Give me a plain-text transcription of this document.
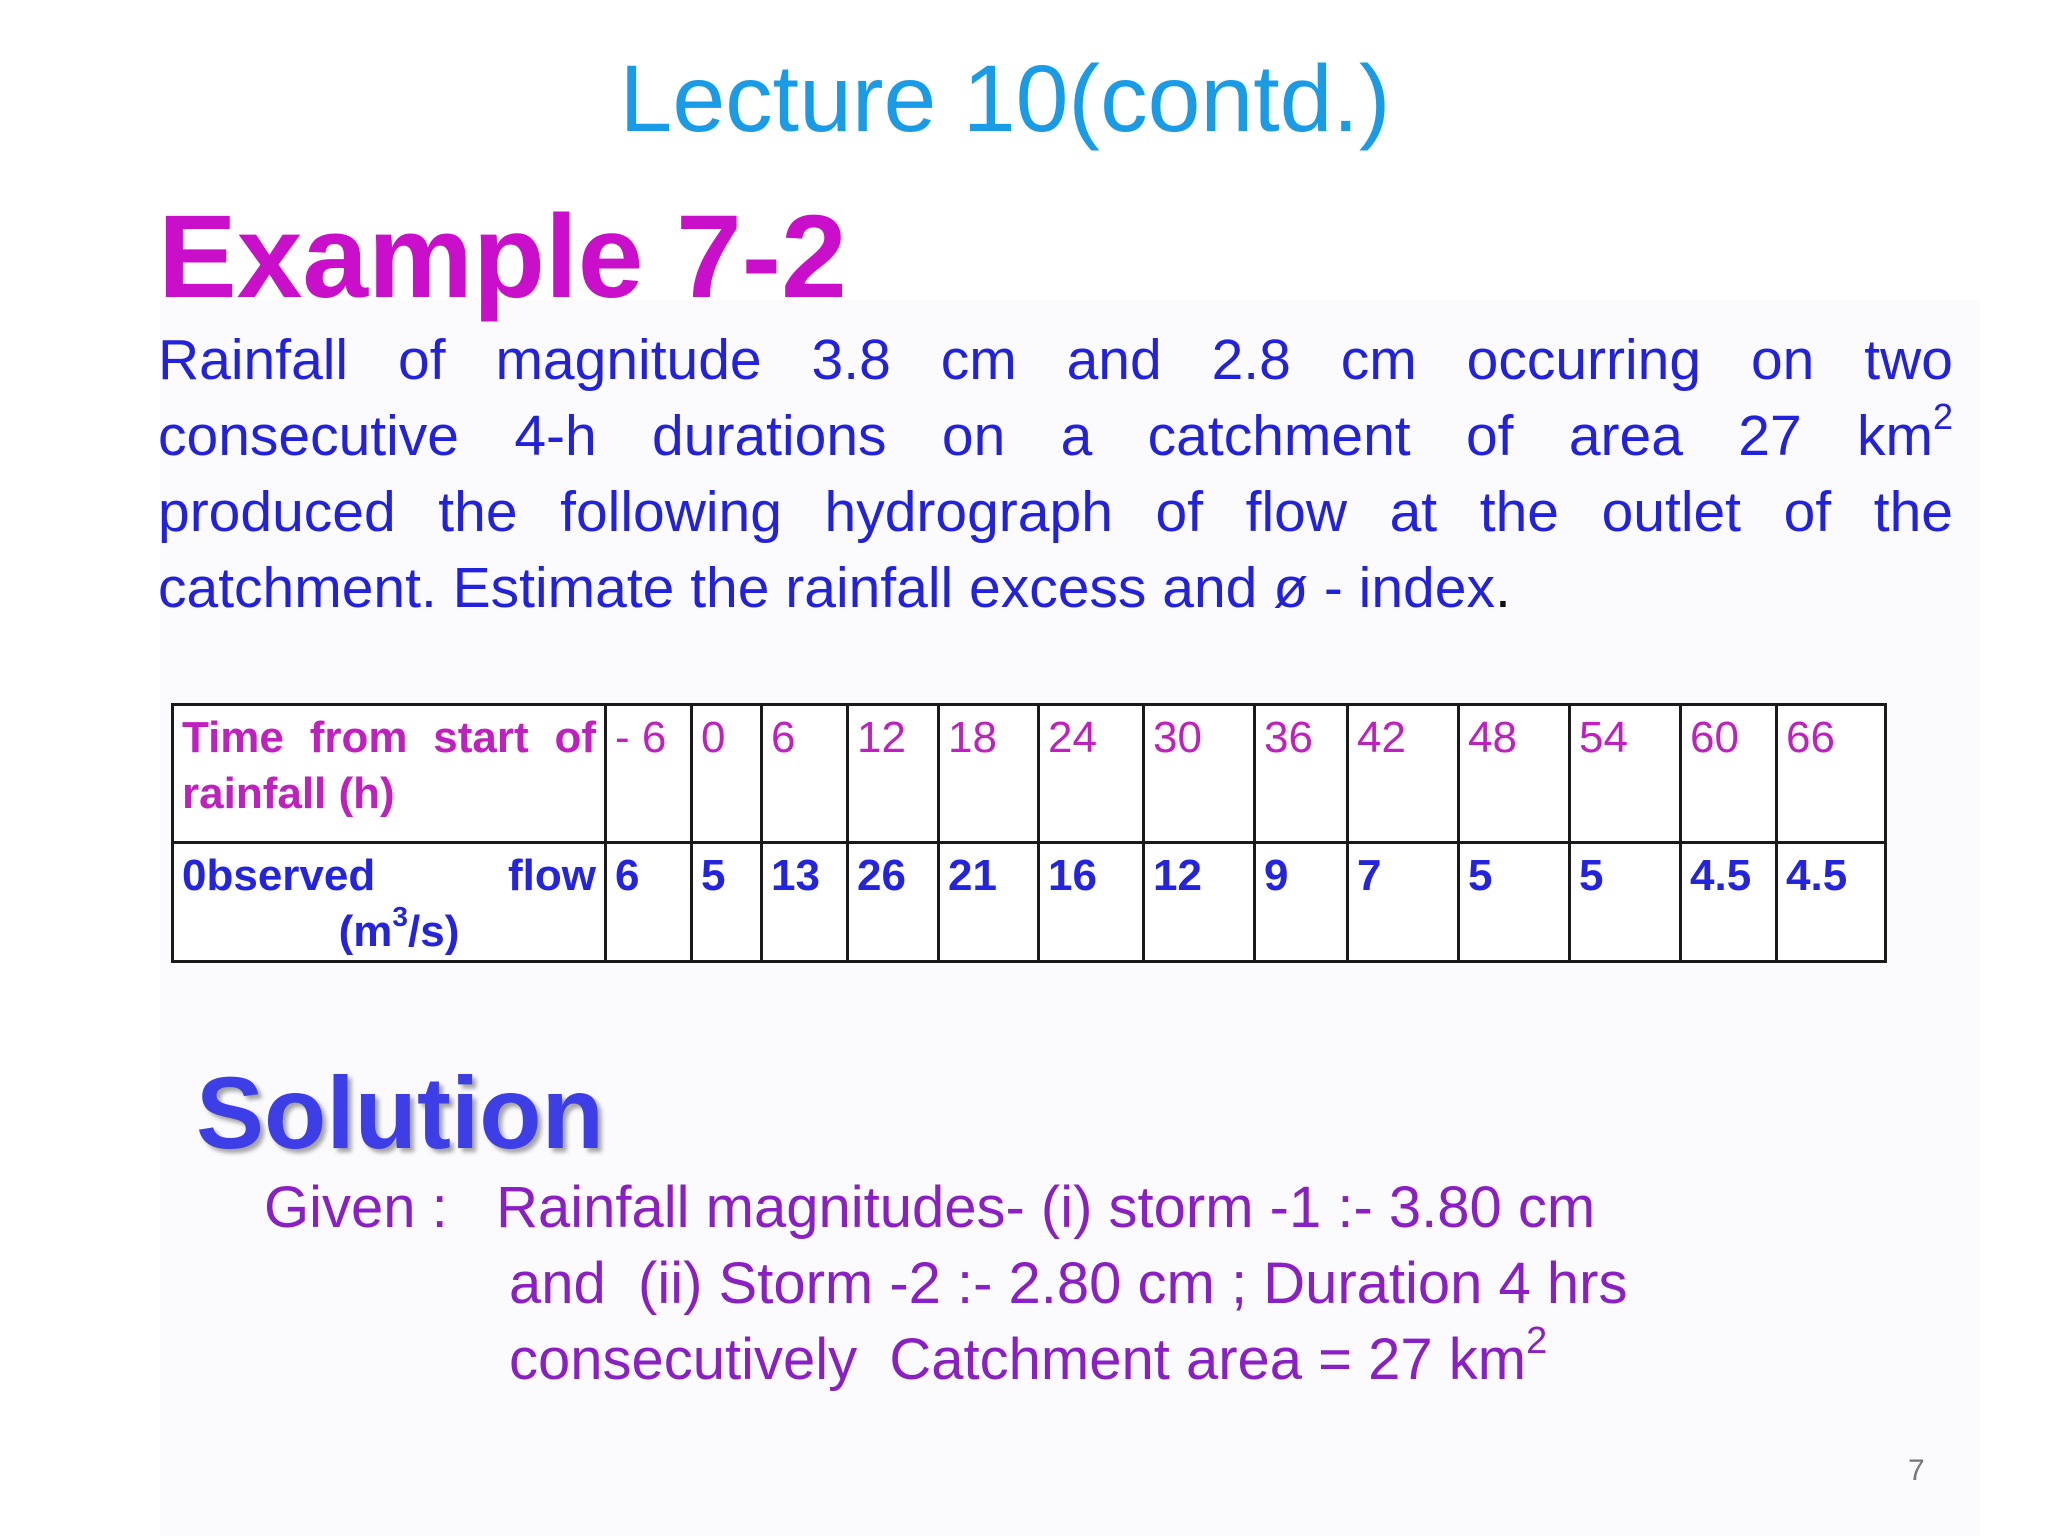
Lecture 10(contd.)
Example 7-2
Rainfall of magnitude 3.8 cm and 2.8 cm occurring on two
consecutive 4-h durations on a catchment of area 27 $km^2$
produced the following hydrograph of flow at the outlet of the
catchment. Estimate the rainfall excess and ø - index.
Time from start of rainfall (h)	- 6	0	6	12	18	24	30	36	42	48	54	60	66

0bserved flow
$(m^3/s)$	6	5	13	26	21	16	12	9	7	5	5	4.5	4.5
Solution
Given :   Rainfall magnitudes- (i) storm -1 :- 3.80 cm
and  (ii) Storm -2 :- 2.80 cm ; Duration 4 hrs
consecutively  Catchment area = 27 $km^2$
7
